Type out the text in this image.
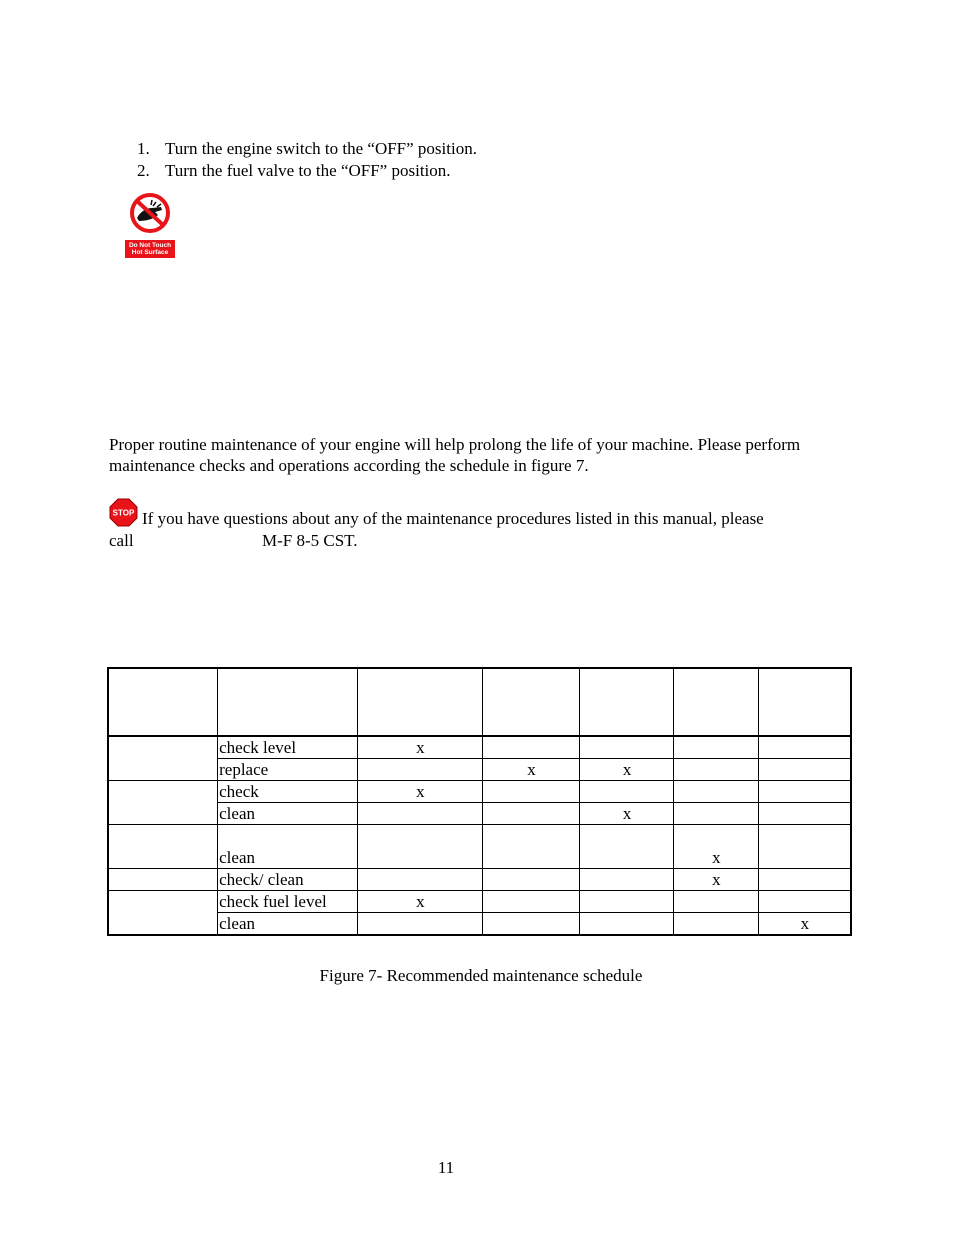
1. Turn the engine switch to the “OFF” position.
2. Turn the fuel valve to the “OFF” position.
Do Not Touch
Hot Surface
Proper routine maintenance of your engine will help prolong the life of your machine. Please perform maintenance checks and operations according the schedule in figure 7.
STOP If you have questions about any of the maintenance procedures listed in this manual, please
call	M-F 8-5 CST.

	check level	x				
	replace		x	x		
	check	x				
	clean			x		
	clean				x	
	check/ clean				x	
	check fuel level	x				
	clean					x
Figure 7- Recommended maintenance schedule
11
